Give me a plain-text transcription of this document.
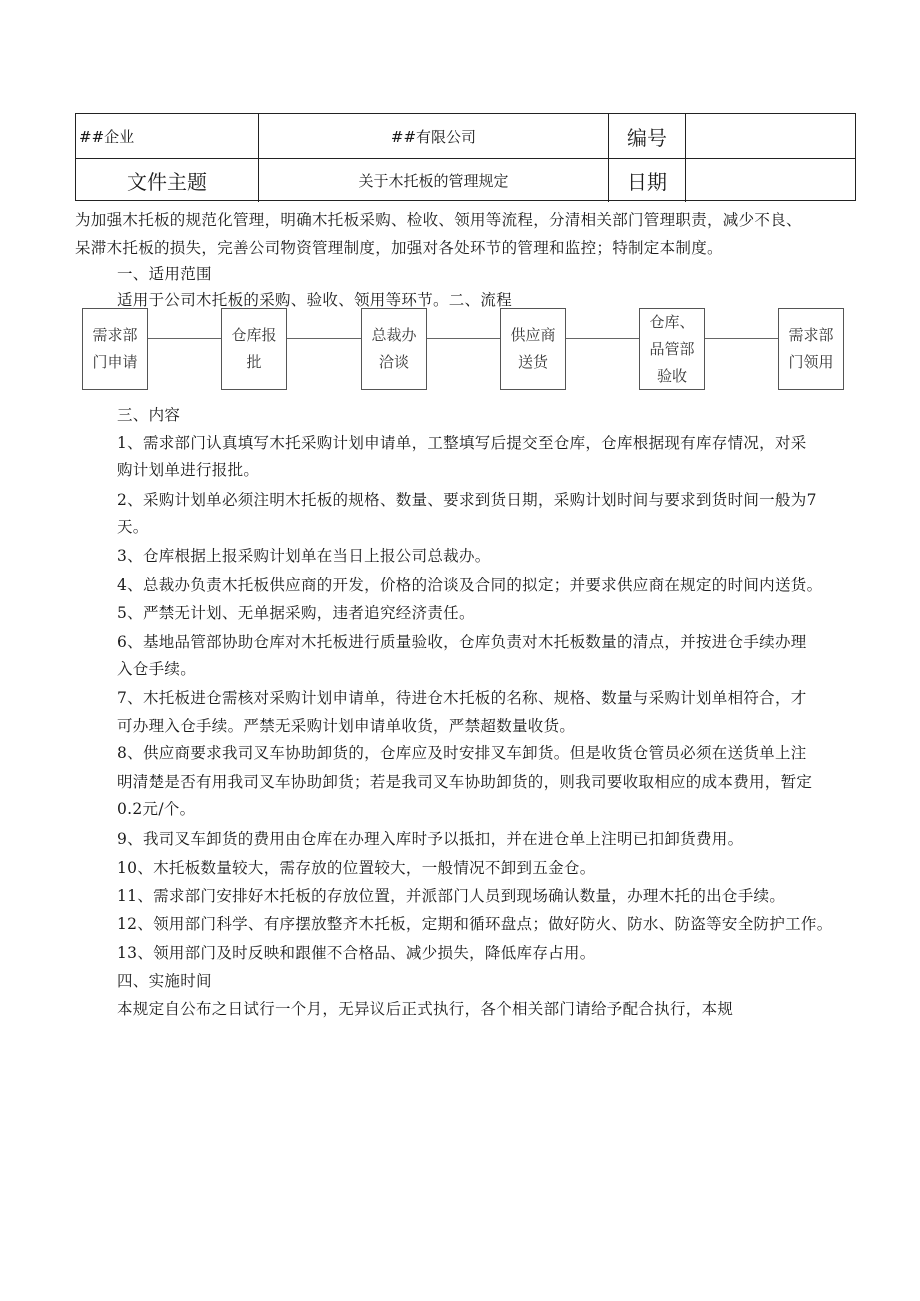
##企业	##有限公司	编号
文件主题	关于木托板的管理规定	日期
为加强木托板的规范化管理，明确木托板采购、检收、领用等流程，分清相关部门管理职责，减少不良、
呆滞木托板的损失，完善公司物资管理制度，加强对各处环节的管理和监控；特制定本制度。
一、适用范围
适用于公司木托板的采购、验收、领用等环节。二、流程
需求部门申请
仓库报批
总裁办洽谈
供应商送货
仓库、品管部验收
需求部门领用
三、内容
1、需求部门认真填写木托采购计划申请单，工整填写后提交至仓库，仓库根据现有库存情况，对采
购计划单进行报批。
2、采购计划单必须注明木托板的规格、数量、要求到货日期，采购计划时间与要求到货时间一般为7
天。
3、仓库根据上报采购计划单在当日上报公司总裁办。
4、总裁办负责木托板供应商的开发，价格的洽谈及合同的拟定；并要求供应商在规定的时间内送货。
5、严禁无计划、无单据采购，违者追究经济责任。
6、基地品管部协助仓库对木托板进行质量验收，仓库负责对木托板数量的清点，并按进仓手续办理
入仓手续。
7、木托板进仓需核对采购计划申请单，待进仓木托板的名称、规格、数量与采购计划单相符合，才
可办理入仓手续。严禁无采购计划申请单收货，严禁超数量收货。
8、供应商要求我司叉车协助卸货的，仓库应及时安排叉车卸货。但是收货仓管员必须在送货单上注
明清楚是否有用我司叉车协助卸货；若是我司叉车协助卸货的，则我司要收取相应的成本费用，暂定
0.2元/个。
9、我司叉车卸货的费用由仓库在办理入库时予以抵扣，并在进仓单上注明已扣卸货费用。
10、木托板数量较大，需存放的位置较大，一般情况不卸到五金仓。
11、需求部门安排好木托板的存放位置，并派部门人员到现场确认数量，办理木托的出仓手续。
12、领用部门科学、有序摆放整齐木托板，定期和循环盘点；做好防火、防水、防盗等安全防护工作。
13、领用部门及时反映和跟催不合格品、减少损失，降低库存占用。
四、实施时间
本规定自公布之日试行一个月，无异议后正式执行，各个相关部门请给予配合执行，本规
